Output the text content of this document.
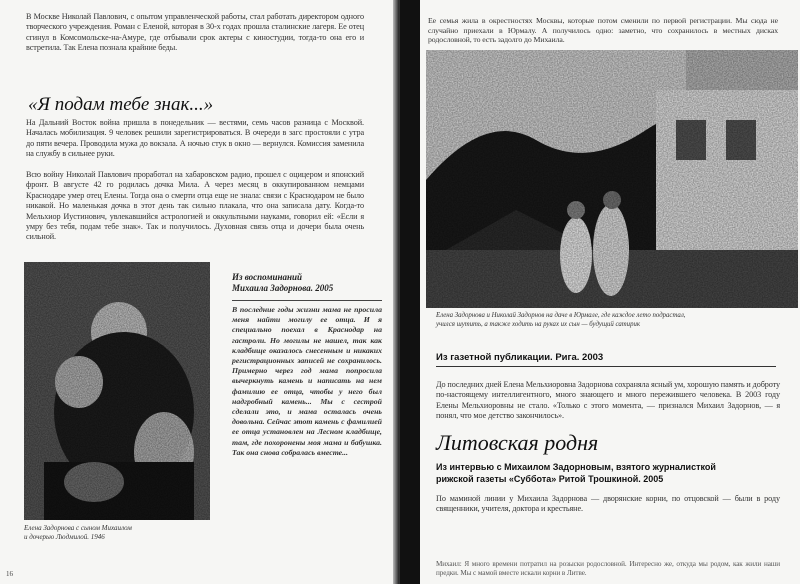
В Москве Николай Павлович, с опытом управленческой работы, стал работать директором одного творческого учреждения. Роман с Еленой, которая в 30-х годах прошла сталинские лагеря. Ее отец сгинул в Комсомольске-на-Амуре, где отбывали срок актеры с киностудии, тогда-то она его и встретила. Так Елена познала крайние беды.
«Я подам тебе знак...»
На Дальний Восток война пришла в понедельник — вестями, семь часов разница с Москвой. Началась мобилизация. 9 человек решили зарегистрироваться. В очереди в загс простояли с утра до пяти вечера. Проводила мужа до вокзала. А ночью стук в окно — вернулся. Комиссия заменила на службу в сильнее руки.
Всю войну Николай Павлович проработал на хабаровском радио, прошел с оцицером и японский фронт. В августе 42 го родилась дочка Мила. А через месяц в оккупированном немцами Краснодаре умер отец Елены. Тогда она о смерти отца еще не знала: связи с Краснодаром не было никакой. Но маленькая дочка в этот день так сильно плакала, что она записала дату. Когда-то Мельхиор Иустинович, увлекавшийся астрологией и оккультными науками, говорил ей: «Если я умру без тебя, подам тебе знак». Так и получилось. Духовная связь отца и дочери была очень сильной.
Елена Задорнова с сыном Михаилом
и дочерью Людмилой. 1946
Из воспоминаний
Михаила Задорнова. 2005
В последние годы жизни мама не просила меня найти могилу ее отца. И я специально поехал в Краснодар на гастроли. Но могилы не нашел, так как кладбище оказалось снесенным и никаких регистрационных записей не сохранилось. Примерно через год мама попросила вычеркнуть камень и написать на нем фамилию ее отца, чтобы у него был надгробный камень... Мы с сестрой сделали это, и мама осталась очень довольна. Сейчас этот камень с фамилией ее отца установлен на Лесном кладбище, там, где похоронены моя мама и бабушка. Так она снова собралась вместе...
16
Ее семья жила в окрестностях Москвы, которые потом сменили по первой регистрации. Мы сюда не случайно приехали в Юрмалу. А получилось одно: заметно, что сохранилось в местных дисках родословной, то есть задолго до Михаила.
Елена Задорнова и Николай Задорнов на даче в Юрмале, где каждое лето подрастал,
учился шутить, а также ходить на руках их сын — будущий сатирик
Из газетной публикации. Рига. 2003
До последних дней Елена Мельхиоровна Задорнова сохраняла ясный ум, хорошую память и доброту по-настоящему интеллигентного, много знающего и много пережившего человека. В 2003 году Елены Мельхиоровны не стало. «Только с этого момента, — признался Михаил Задорнов, — я понял, что мое детство закончилось».
Литовская родня
Из интервью с Михаилом Задорновым, взятого журналисткой
рижской газеты «Суббота» Ритой Трошкиной. 2005
По маминой линии у Михаила Задорнова — дворянские корни, по отцовской — были в роду священники, учителя, доктора и крестьяне.
Михаил: Я много времени потратил на розыски родословной. Интересно же, откуда мы родом, как жили наши предки. Мы с мамой вместе искали корни в Литве.
